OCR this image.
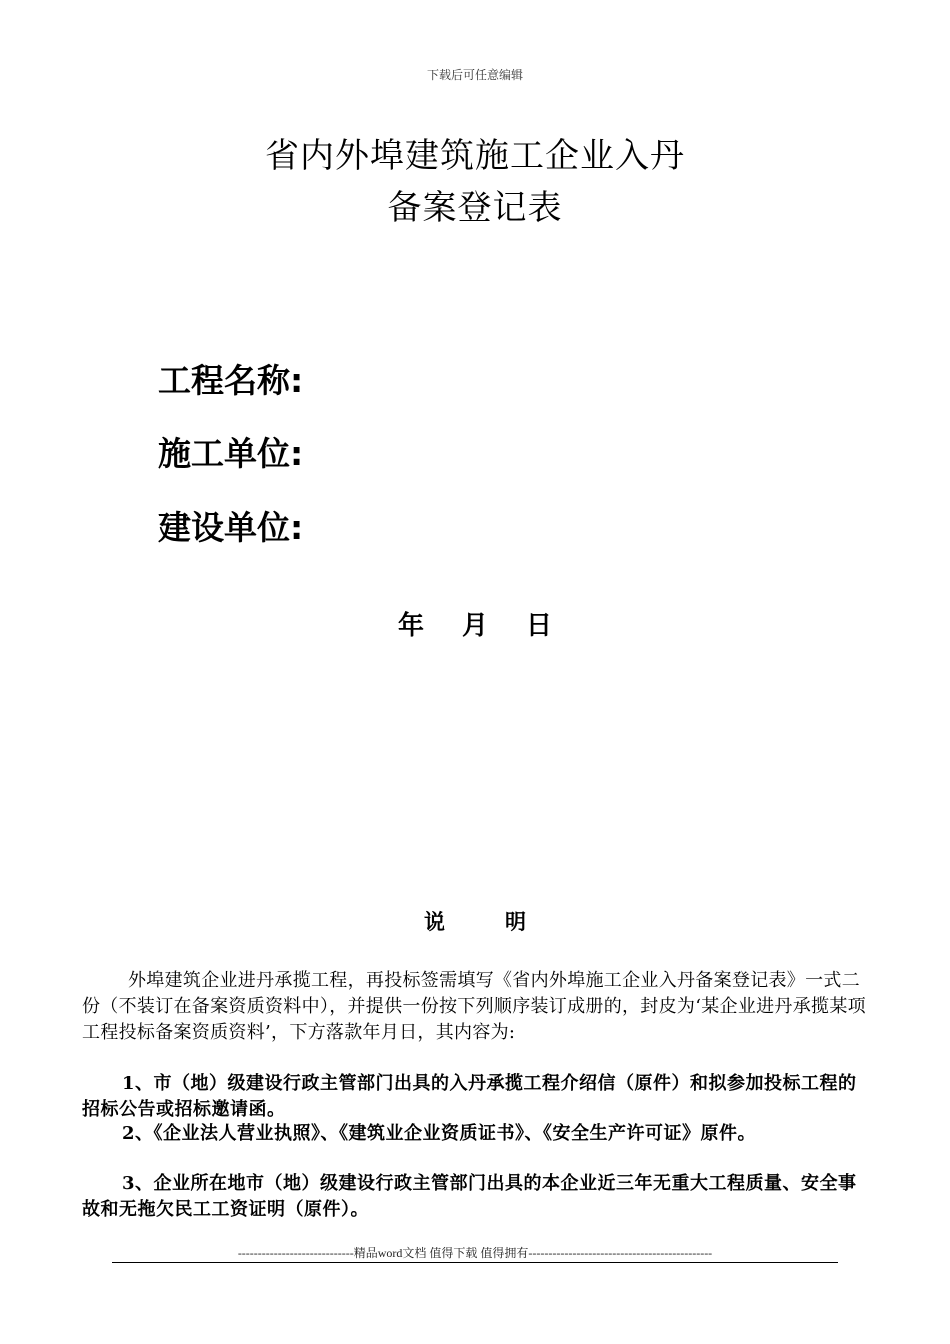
下载后可任意编辑
省内外埠建筑施工企业入丹
备案登记表
工程名称:
施工单位:
建设单位:
年 月 日
说	明
外埠建筑企业进丹承揽工程，再投标签需填写《省内外埠施工企业入丹备案登记表》一式二份（不装订在备案资质资料中），并提供一份按下列顺序装订成册的，封皮为‘某企业进丹承揽某项工程投标备案资质资料’，下方落款年月日，其内容为:
1、市（地）级建设行政主管部门出具的入丹承揽工程介绍信（原件）和拟参加投标工程的招标公告或招标邀请函。
2、《企业法人营业执照》、《建筑业企业资质证书》、《安全生产许可证》原件。
3、企业所在地市（地）级建设行政主管部门出具的本企业近三年无重大工程质量、安全事故和无拖欠民工工资证明（原件）。
-----------------------------精品word文档 值得下载 值得拥有----------------------------------------------
